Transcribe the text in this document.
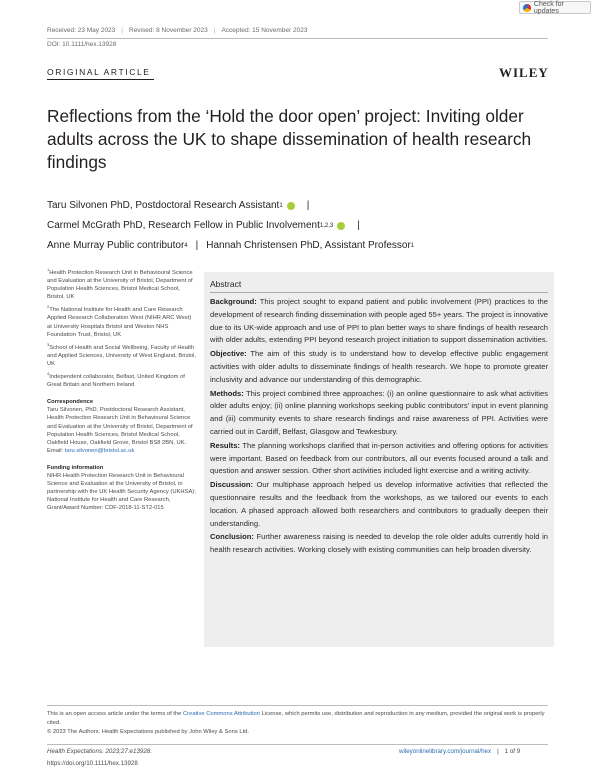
Check for updates
Received: 23 May 2023 | Revised: 8 November 2023 | Accepted: 15 November 2023
DOI: 10.1111/hex.13928
ORIGINAL ARTICLE	WILEY
Reflections from the ‘Hold the door open’ project: Inviting older adults across the UK to shape dissemination of health research findings
Taru Silvonen PhD, Postdoctoral Research Assistant 1 |
Carmel McGrath PhD, Research Fellow in Public Involvement 1,2,3 |
Anne Murray Public contributor 4 | Hannah Christensen PhD, Assistant Professor 1

$^1$Health Protection Research Unit in Behavioural Science and Evaluation at the University of Bristol, Department of Population Health Sciences, Bristol Medical School, Bristol, UK

$^2$The National Institute for Health and Care Research Applied Research Collaboration West (NIHR ARC West) at University Hospitals Bristol and Weston NHS Foundation Trust, Bristol, UK

$^3$School of Health and Social Wellbeing, Faculty of Health and Applied Sciences, University of West England, Bristol, UK

$^4$Independent collaborator, Belfast, United Kingdom of Great Britain and Northern Ireland

Correspondence

Taru Silvonen, PhD, Postdoctoral Research Assistant, Health Protection Research Unit in Behavioural Science and Evaluation at the University of Bristol, Department of Population Health Sciences, Bristol Medical School, Oakfield House, Oakfield Grove, Bristol BS8 2BN, UK.
Email: taru.silvonen@bristol.ac.uk

Funding information

NIHR Health Protection Research Unit in Behavioural Science and Evaluation at the University of Bristol, in partnership with the UK Health Security Agency (UKHSA); National Institute for Health and Care Research, Grant/Award Number: CDF-2018-11-ST2-015

Abstract

Background: This project sought to expand patient and public involvement (PPI) practices to the development of research finding dissemination with people aged 55+ years. The project is innovative due to its UK-wide approach and use of PPI to plan better ways to share findings of health research with older adults, extending PPI beyond research project initiation to support dissemination activities.

Objective: The aim of this study is to understand how to develop effective public engagement activities with older adults to disseminate findings of health research. We hope to promote greater inclusivity and advance our understanding of this demographic.

Methods: This project combined three approaches: (i) an online questionnaire to ask what activities older adults enjoy; (ii) online planning workshops seeking public contributors' input in event planning and (iii) community events to share research findings and raise awareness of PPI. Activities were carried out in Cardiff, Belfast, Glasgow and Tewkesbury.

Results: The planning workshops clarified that in-person activities and offering options for activities were important. Based on feedback from our contributors, all our events focused around a talk and question and answer session. Other short activities included light exercise and a writing activity.

Discussion: Our multiphase approach helped us develop informative activities that reflected the questionnaire results and the feedback from the workshops, as we tailored our events to each location. A phased approach allowed both researchers and contributors to gradually deepen their understanding.

Conclusion: Further awareness raising is needed to develop the role older adults currently hold in health research activities. Working closely with existing communities can help broaden diversity.

This is an open access article under the terms of the Creative Commons Attribution License, which permits use, distribution and reproduction in any medium, provided the original work is properly cited.
© 2023 The Authors. Health Expectations published by John Wiley & Sons Ltd.
Health Expectations. 2023;27:e13928.
https://doi.org/10.1111/hex.13928
wileyonlinelibrary.com/journal/hex | 1 of 9
